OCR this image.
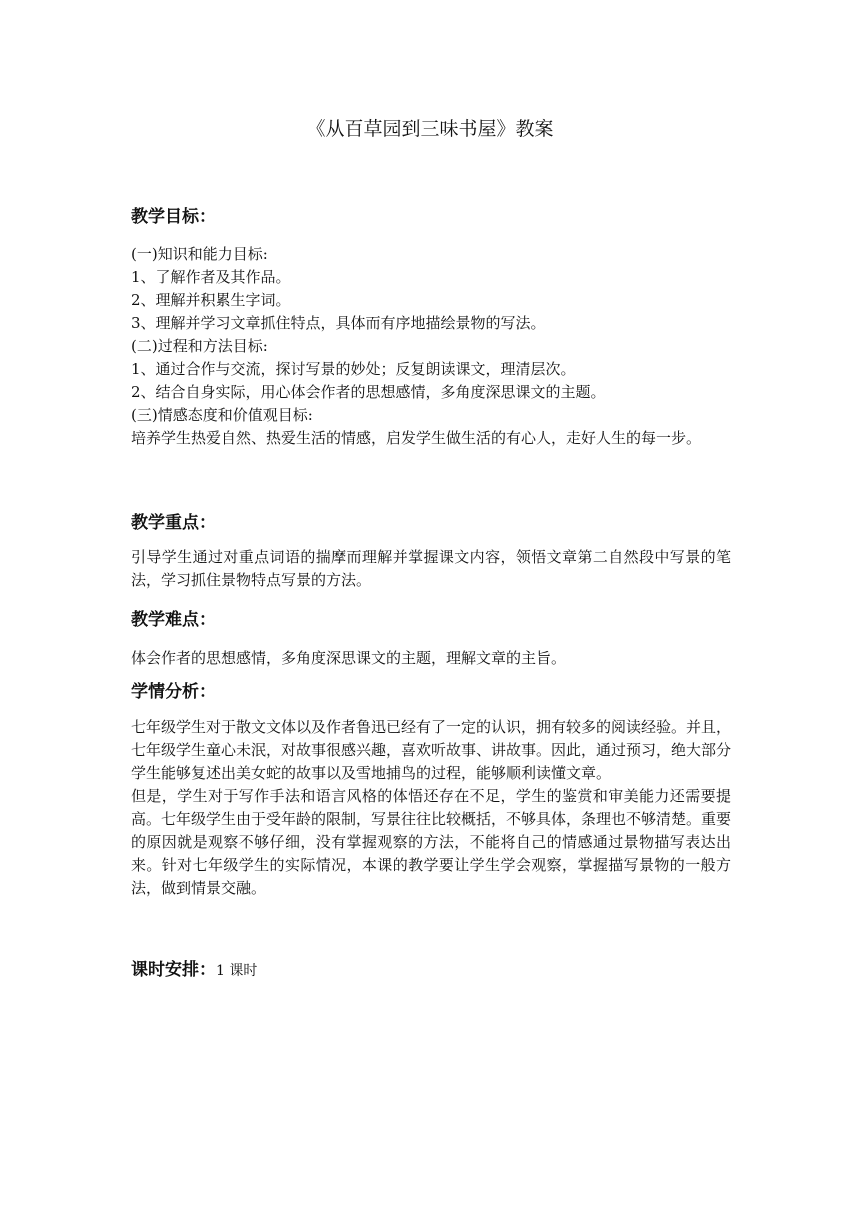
《从百草园到三味书屋》教案
教学目标：

(一)知识和能力目标:

1、了解作者及其作品。

2、理解并积累生字词。

3、理解并学习文章抓住特点，具体而有序地描绘景物的写法。

(二)过程和方法目标:

1、通过合作与交流，探讨写景的妙处；反复朗读课文，理清层次。

2、结合自身实际，用心体会作者的思想感情，多角度深思课文的主题。

(三)情感态度和价值观目标:

培养学生热爱自然、热爱生活的情感，启发学生做生活的有心人，走好人生的每一步。

教学重点：

引导学生通过对重点词语的揣摩而理解并掌握课文内容，领悟文章第二自然段中写景的笔法，学习抓住景物特点写景的方法。

教学难点：

体会作者的思想感情，多角度深思课文的主题，理解文章的主旨。

学情分析：

七年级学生对于散文文体以及作者鲁迅已经有了一定的认识，拥有较多的阅读经验。并且，七年级学生童心未泯，对故事很感兴趣，喜欢听故事、讲故事。因此，通过预习，绝大部分学生能够复述出美女蛇的故事以及雪地捕鸟的过程，能够顺利读懂文章。

但是，学生对于写作手法和语言风格的体悟还存在不足，学生的鉴赏和审美能力还需要提高。七年级学生由于受年龄的限制，写景往往比较概括，不够具体，条理也不够清楚。重要的原因就是观察不够仔细，没有掌握观察的方法，不能将自己的情感通过景物描写表达出来。针对七年级学生的实际情况，本课的教学要让学生学会观察，掌握描写景物的一般方法，做到情景交融。

课时安排：1 课时
